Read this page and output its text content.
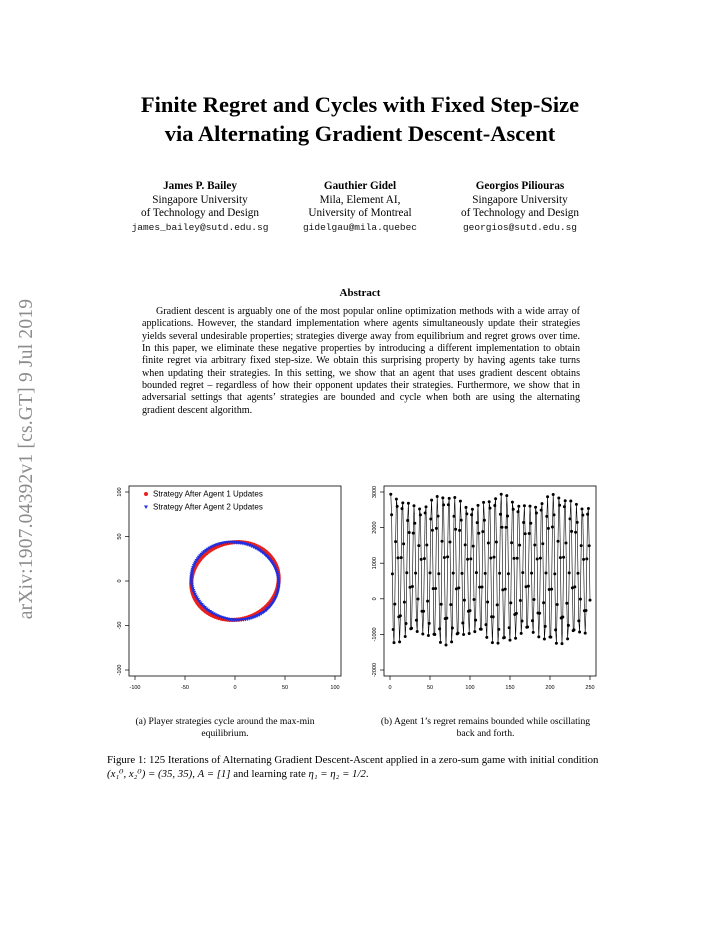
arXiv:1907.04392v1 [cs.GT] 9 Jul 2019
Finite Regret and Cycles with Fixed Step-Size
via Alternating Gradient Descent-Ascent
James P. Bailey
Singapore University
of Technology and Design
james_bailey@sutd.edu.sg
Gauthier Gidel
Mila, Element AI,
University of Montreal
gidelgau@mila.quebec
Georgios Piliouras
Singapore University
of Technology and Design
georgios@sutd.edu.sg
Abstract

Gradient descent is arguably one of the most popular online optimization methods with a wide array of applications. However, the standard implementation where agents simultaneously update their strategies yields several undesirable properties; strategies diverge away from equilibrium and regret grows over time. In this paper, we eliminate these negative properties by introducing a different implementation to obtain finite regret via arbitrary fixed step-size. We obtain this surprising property by having agents take turns when updating their strategies. In this setting, we show that an agent that uses gradient descent obtains bounded regret – regardless of how their opponent updates their strategies. Furthermore, we show that in adversarial settings that agents’ strategies are bounded and cycle when both are using the alternating gradient descent algorithm.

-100	-50	0	50	100
-100
-50
0
50
100	Strategy After Agent 1 Updates
Strategy After Agent 2 Updates
0	50	100	150	200	250
-2000
-1000
0
1000
2000
3000
(a) Player strategies cycle around the max-min equilibrium.
(b) Agent 1’s regret remains bounded while oscillating back and forth.
Figure 1: 125 Iterations of Alternating Gradient Descent-Ascent applied in a zero-sum game with initial condition (x₁⁰, x₂⁰) = (35, 35), A = [1] and learning rate η₁ = η₂ = 1/2.
